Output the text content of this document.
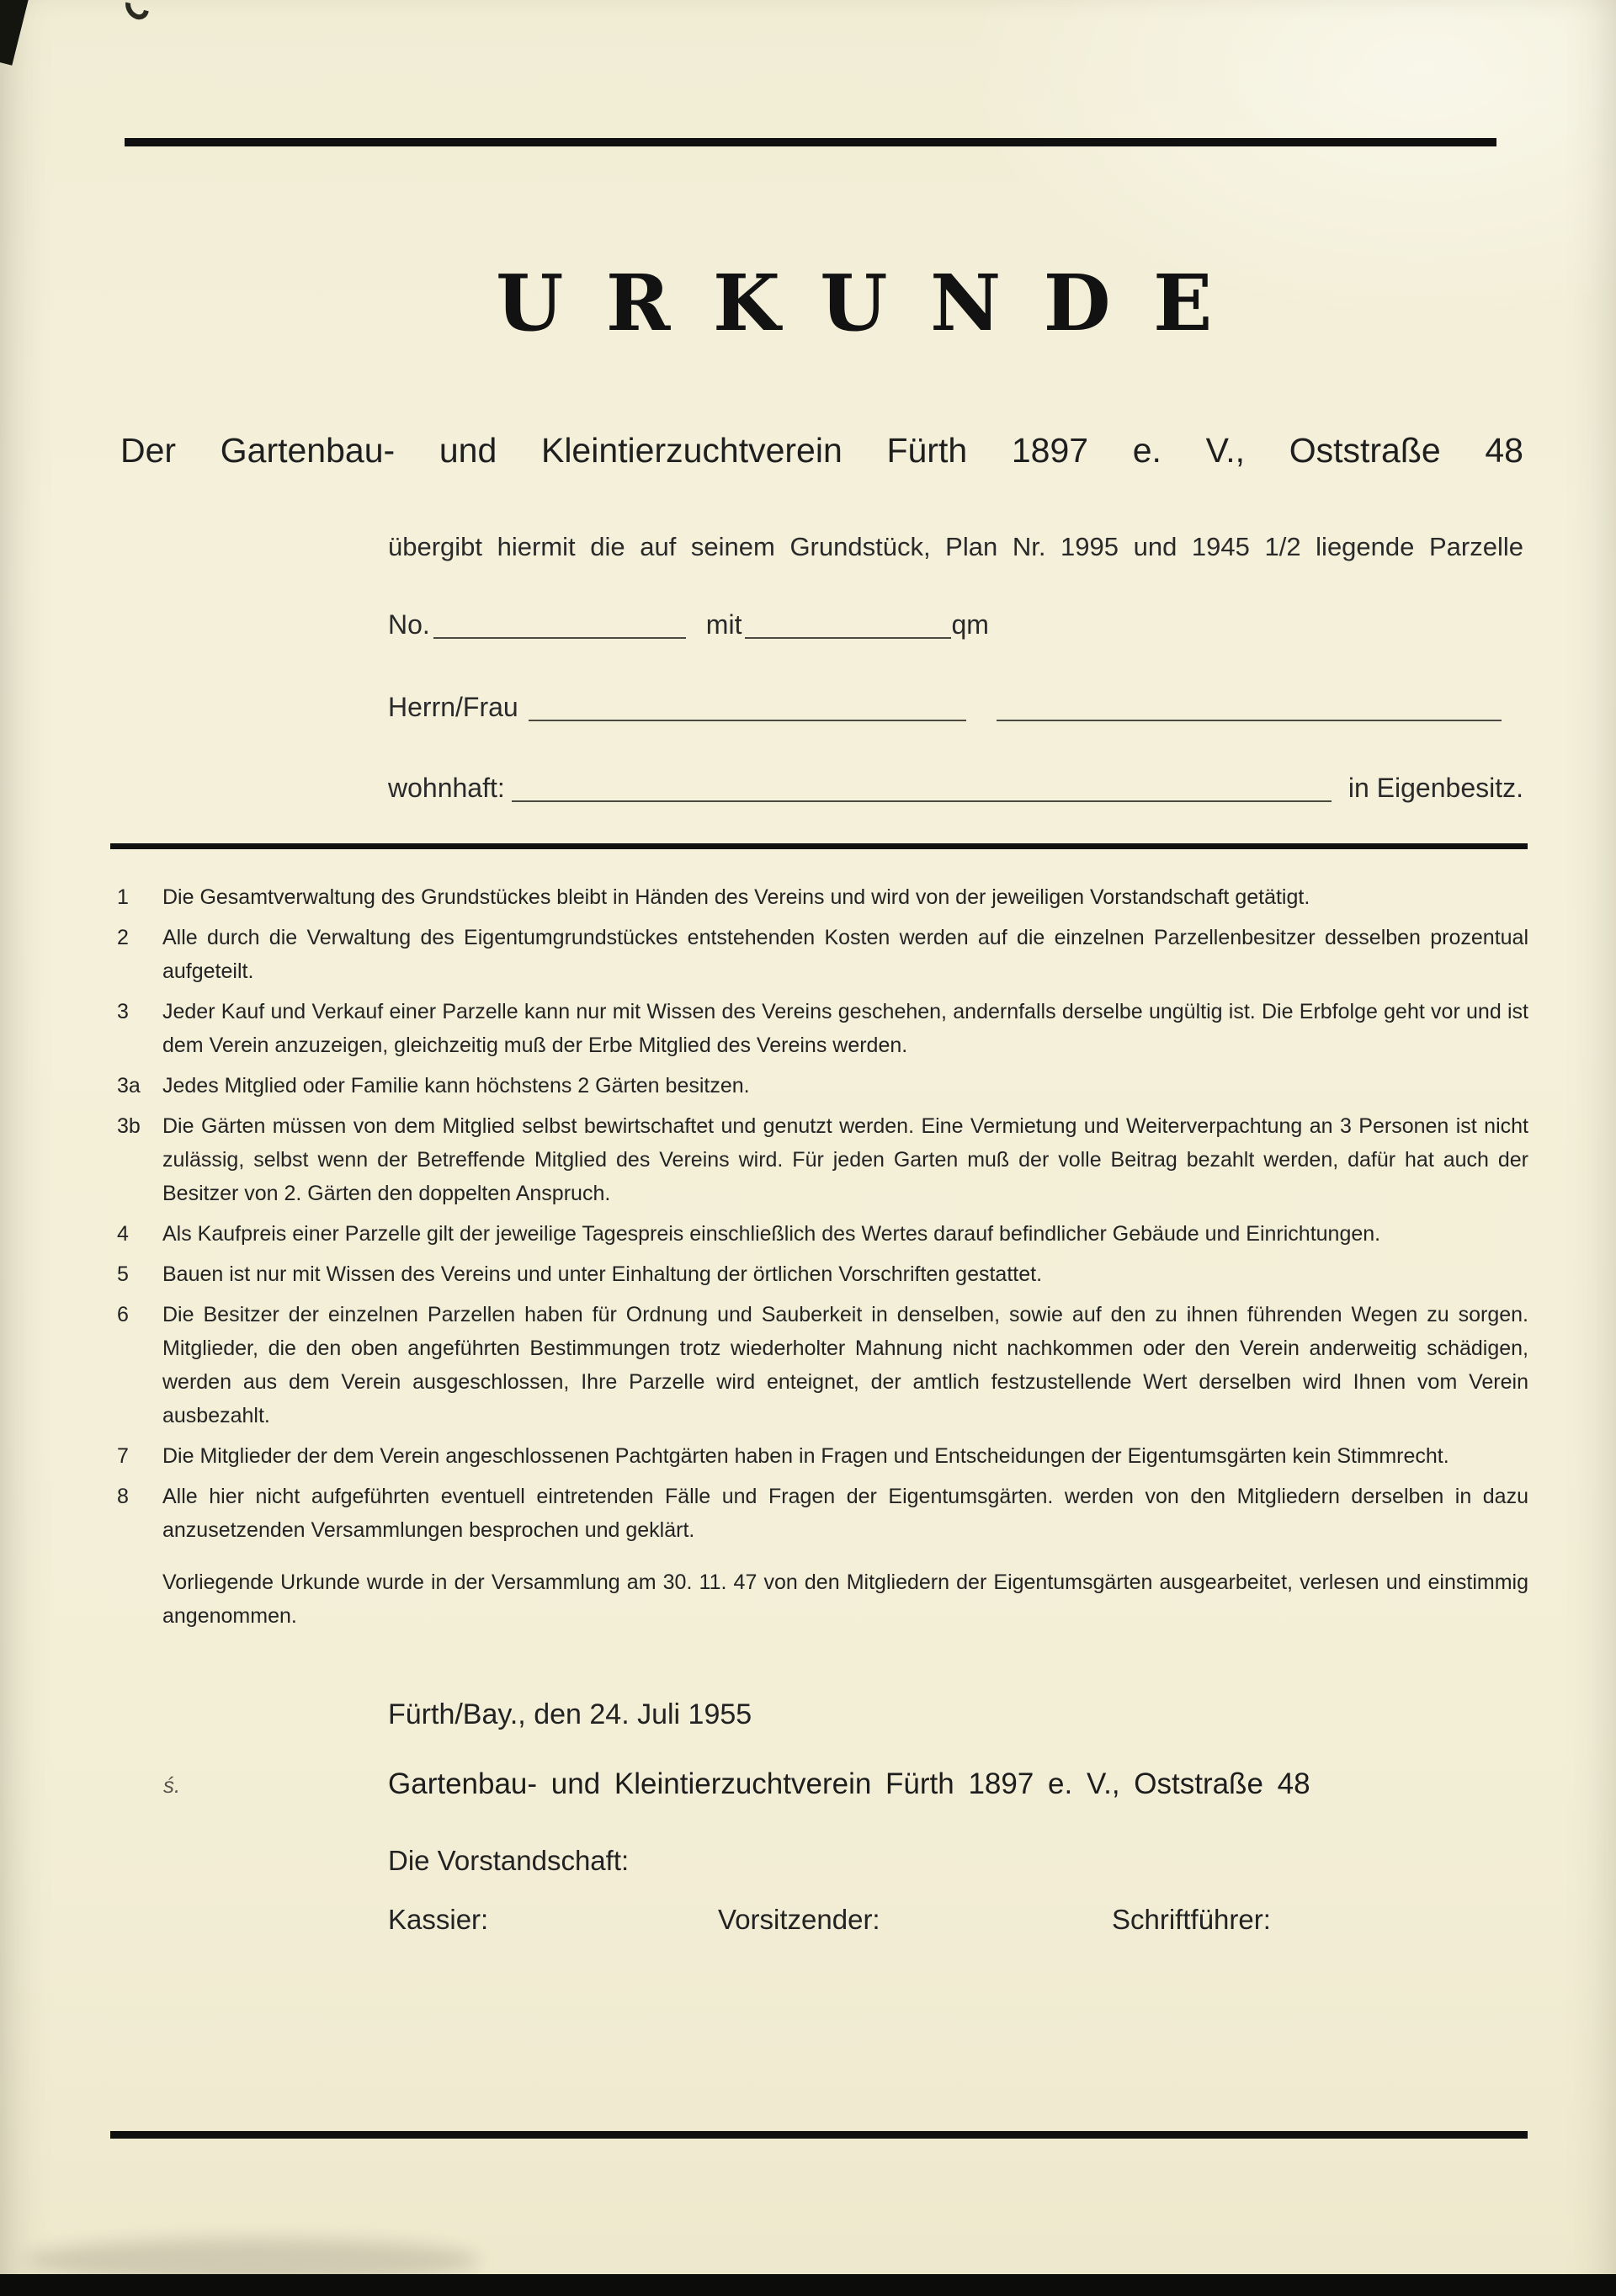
URKUNDE
Der Gartenbau- und Kleintierzuchtverein Fürth 1897 e. V., Oststraße 48
übergibt hiermit die auf seinem Grundstück, Plan Nr. 1995 und 1945 1/2 liegende Parzelle
No.	mit	qm
Herrn/Frau
wohnhaft:	in Eigenbesitz.
1	Die Gesamtverwaltung des Grundstückes bleibt in Händen des Vereins und wird von der jeweiligen Vorstandschaft getätigt.

2	Alle durch die Verwaltung des Eigentumgrundstückes entstehenden Kosten werden auf die einzelnen Parzellenbesitzer desselben prozentual aufgeteilt.

3	Jeder Kauf und Verkauf einer Parzelle kann nur mit Wissen des Vereins geschehen, andernfalls derselbe ungültig ist. Die Erbfolge geht vor und ist dem Verein anzuzeigen, gleichzeitig muß der Erbe Mitglied des Vereins werden.

3a	Jedes Mitglied oder Familie kann höchstens 2 Gärten besitzen.

3b	Die Gärten müssen von dem Mitglied selbst bewirtschaftet und genutzt werden. Eine Vermietung und Weiterverpachtung an 3 Personen ist nicht zulässig, selbst wenn der Betreffende Mitglied des Vereins wird. Für jeden Garten muß der volle Beitrag bezahlt werden, dafür hat auch der Besitzer von 2. Gärten den doppelten Anspruch.

4	Als Kaufpreis einer Parzelle gilt der jeweilige Tagespreis einschließlich des Wertes darauf befindlicher Gebäude und Einrichtungen.

5	Bauen ist nur mit Wissen des Vereins und unter Einhaltung der örtlichen Vorschriften gestattet.

6	Die Besitzer der einzelnen Parzellen haben für Ordnung und Sauberkeit in denselben, sowie auf den zu ihnen führenden Wegen zu sorgen. Mitglieder, die den oben angeführten Bestimmungen trotz wiederholter Mahnung nicht nachkommen oder den Verein anderweitig schädigen, werden aus dem Verein ausgeschlossen, Ihre Parzelle wird enteignet, der amtlich festzustellende Wert derselben wird Ihnen vom Verein ausbezahlt.

7	Die Mitglieder der dem Verein angeschlossenen Pachtgärten haben in Fragen und Entscheidungen der Eigentumsgärten kein Stimmrecht.

8	Alle hier nicht aufgeführten eventuell eintretenden Fälle und Fragen der Eigentumsgärten. werden von den Mitgliedern derselben in dazu anzusetzenden Versammlungen besprochen und geklärt.

Vorliegende Urkunde wurde in der Versammlung am 30. 11. 47 von den Mitgliedern der Eigentumsgärten ausgearbeitet, verlesen und einstimmig angenommen.

Fürth/Bay., den 24. Juli 1955
ś.	Gartenbau- und Kleintierzuchtverein Fürth 1897 e. V., Oststraße 48
Die Vorstandschaft:
Kassier:	Vorsitzender:	Schriftführer:
